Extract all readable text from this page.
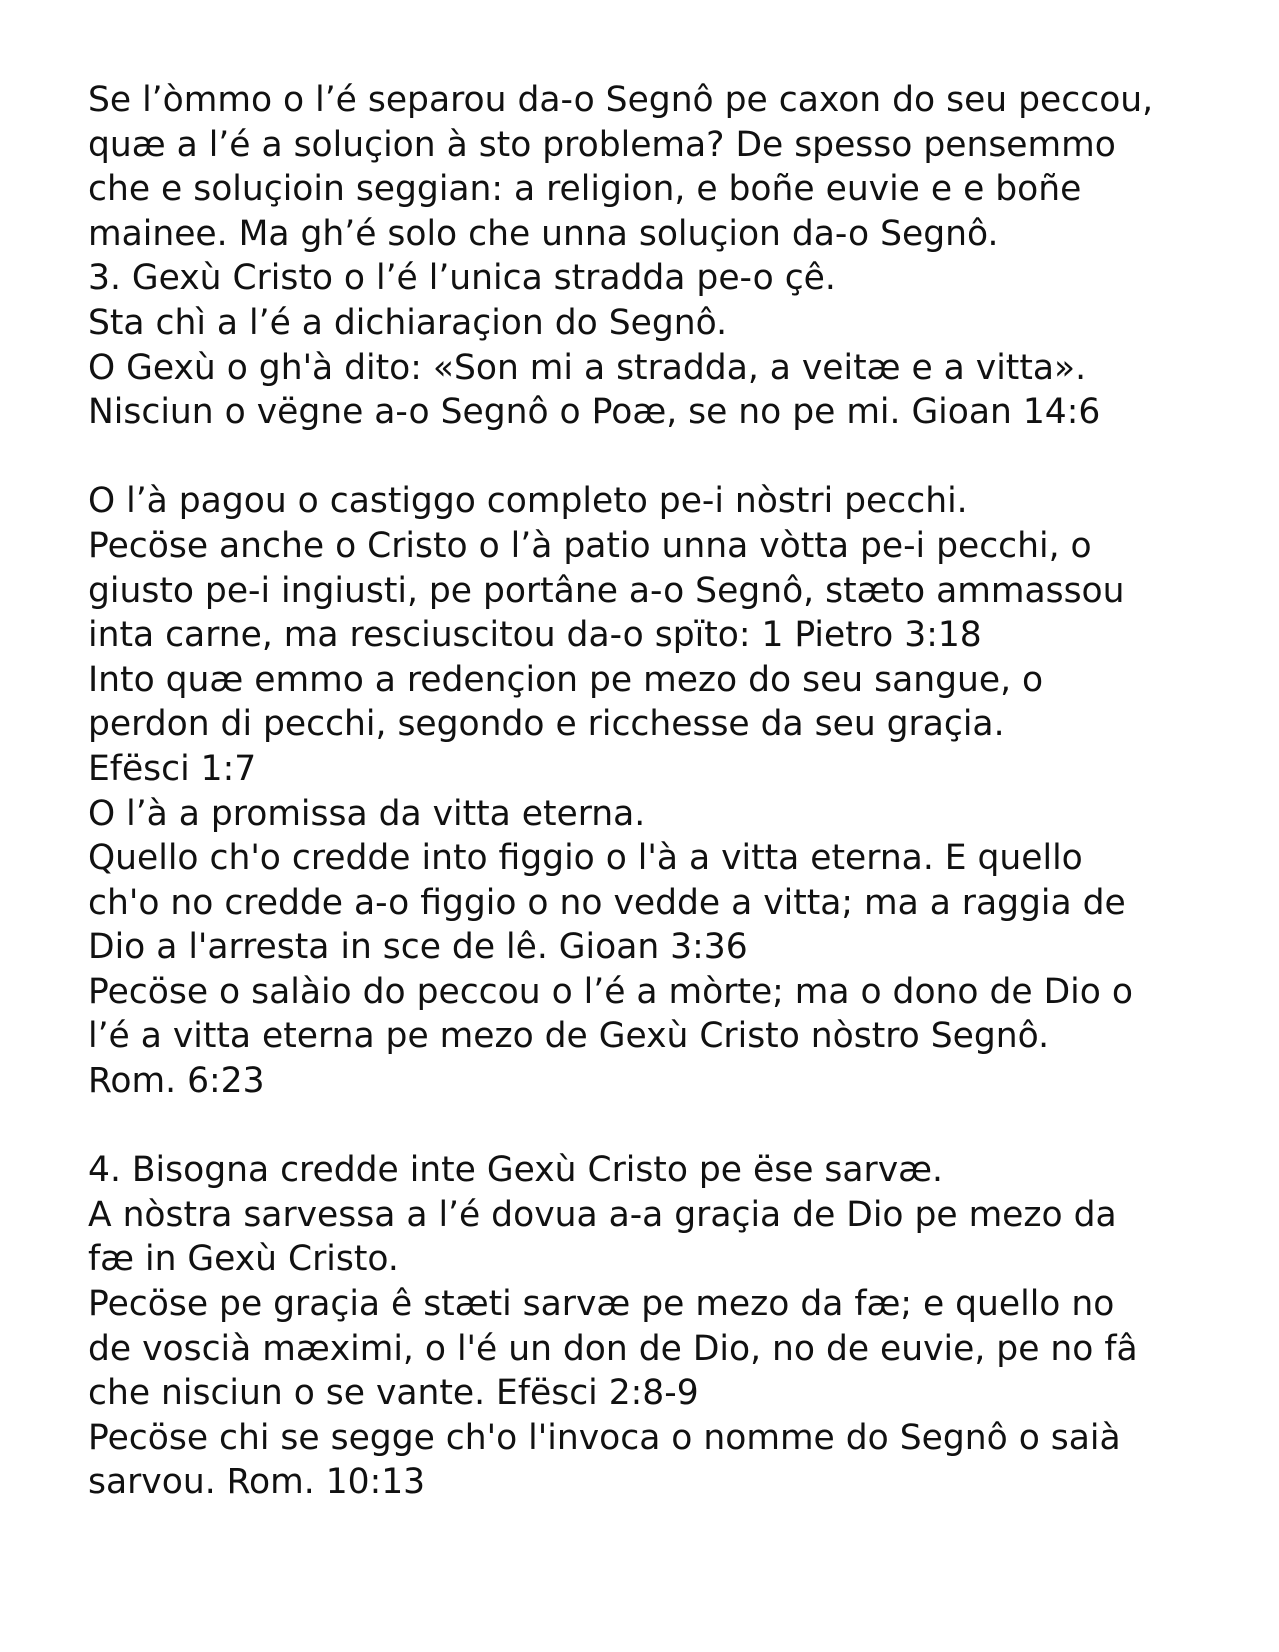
Se l’òmmo o l’é separou da-o Segnô pe caxon do seu peccou,
quæ a l’é a soluçion à sto problema? De spesso pensemmo
che e soluçioin seggian: a religion, e boñe euvie e e boñe
mainee. Ma gh’é solo che unna soluçion da-o Segnô.
3. Gexù Cristo o l’é l’unica stradda pe-o çê.
Sta chì a l’é a dichiaraçion do Segnô.
O Gexù o gh'à dito: «Son mi a stradda, a veitæ e a vitta».
Nisciun o vëgne a-o Segnô o Poæ, se no pe mi. Gioan 14:6
O l’à pagou o castiggo completo pe-i nòstri pecchi.
Pecöse anche o Cristo o l’à patio unna vòtta pe-i pecchi, o
giusto pe-i ingiusti, pe portâne a-o Segnô, stæto ammassou
inta carne, ma resciuscitou da-o spïto: 1 Pietro 3:18
Into quæ emmo a redençion pe mezo do seu sangue, o
perdon di pecchi, segondo e ricchesse da seu graçia.
Efësci 1:7
O l’à a promissa da vitta eterna.
Quello ch'o credde into figgio o l'à a vitta eterna. E quello
ch'o no credde a-o figgio o no vedde a vitta; ma a raggia de
Dio a l'arresta in sce de lê. Gioan 3:36
Pecöse o salàio do peccou o l’é a mòrte; ma o dono de Dio o
l’é a vitta eterna pe mezo de Gexù Cristo nòstro Segnô.
Rom. 6:23
4. Bisogna credde inte Gexù Cristo pe ëse sarvæ.
A nòstra sarvessa a l’é dovua a-a graçia de Dio pe mezo da
fæ in Gexù Cristo.
Pecöse pe graçia ê stæti sarvæ pe mezo da fæ; e quello no
de voscià mæximi, o l'é un don de Dio, no de euvie, pe no fâ
che nisciun o se vante. Efësci 2:8-9
Pecöse chi se segge ch'o l'invoca o nomme do Segnô o saià
sarvou. Rom. 10:13
